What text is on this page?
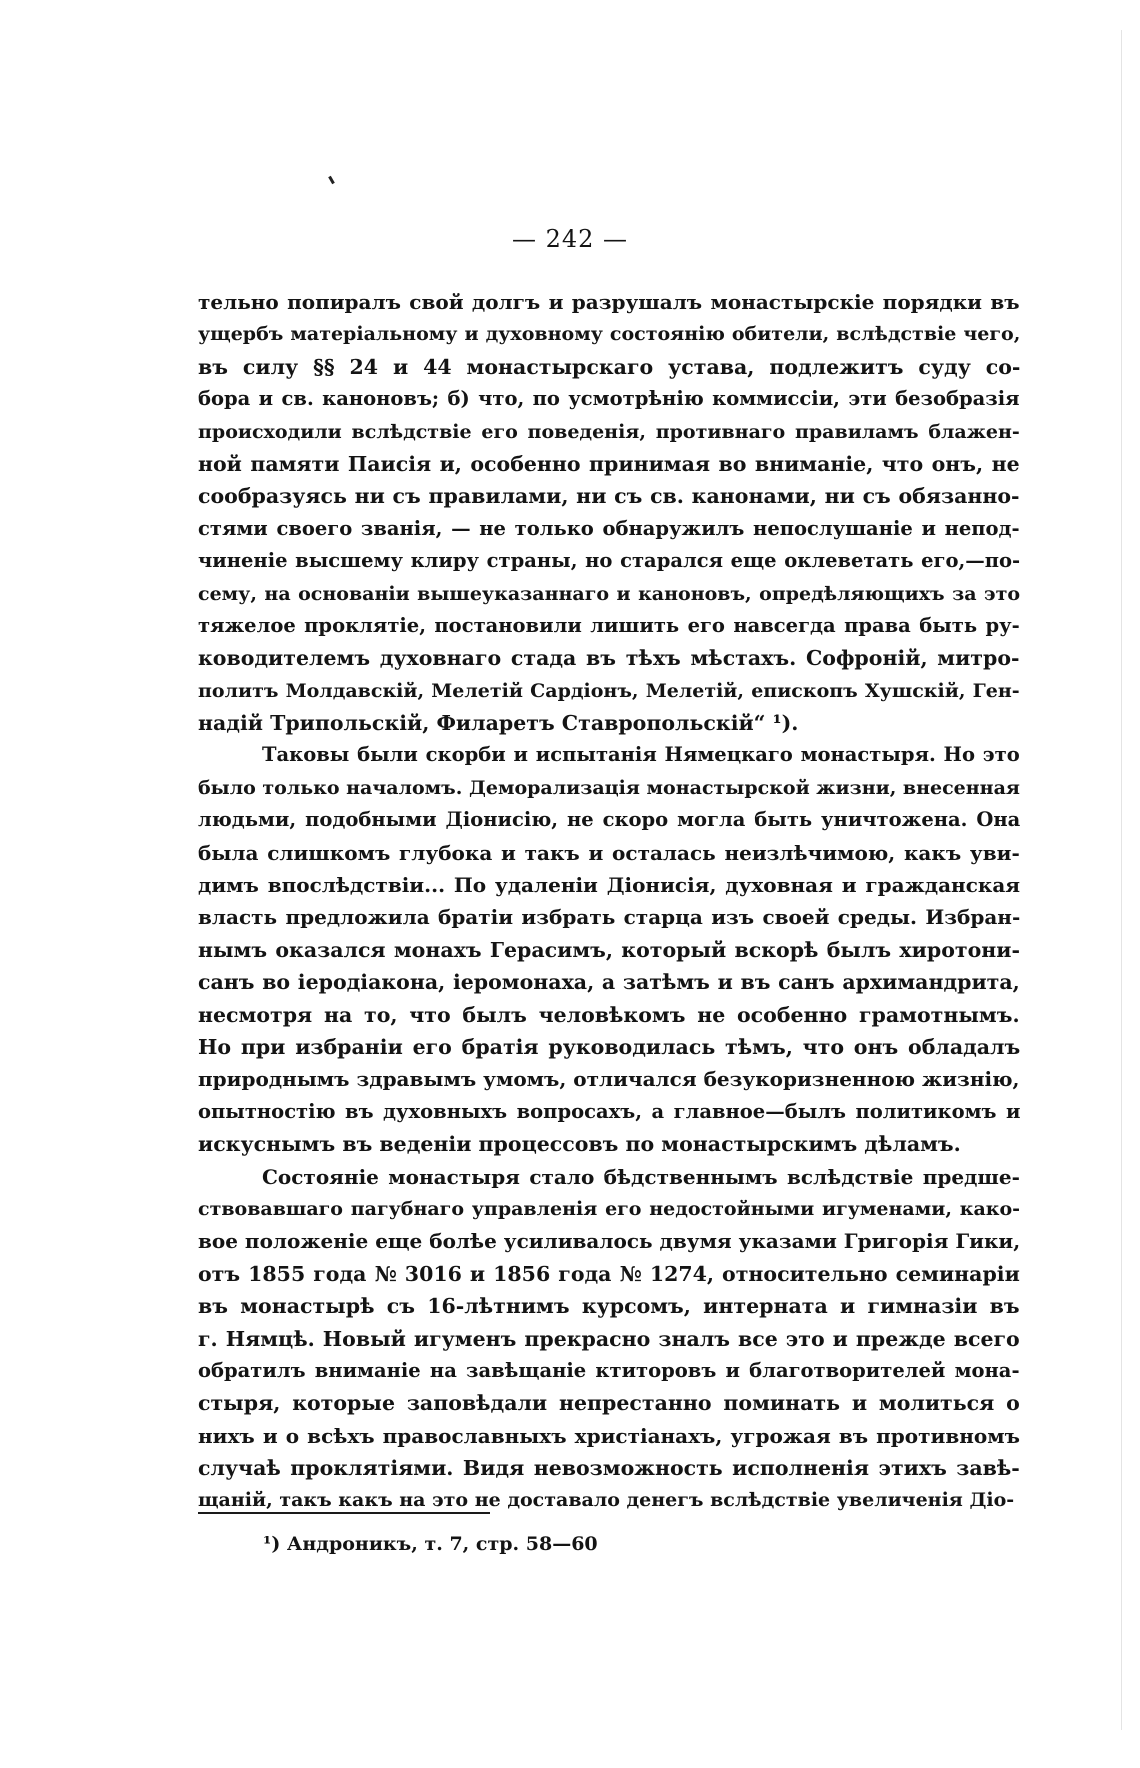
— 242 —
тельно попиралъ свой долгъ и разрушалъ монастырскіе порядки въ
ущербъ матеріальному и духовному состоянію обители, вслѣдствіе чего,
въ силу §§ 24 и 44 монастырскаго устава, подлежитъ суду со-
бора и св. каноновъ; б) что, по усмотрѣнію коммиссіи, эти безобразія
происходили вслѣдствіе его поведенія, противнаго правиламъ блажен-
ной памяти Паисія и, особенно принимая во вниманіе, что онъ, не
сообразуясь ни съ правилами, ни съ св. канонами, ни съ обязанно-
стями своего званія, — не только обнаружилъ непослушаніе и непод-
чиненіе высшему клиру страны, но старался еще оклеветать его,—по-
сему, на основаніи вышеуказаннаго и каноновъ, опредѣляющихъ за это
тяжелое проклятіе, постановили лишить его навсегда права быть ру-
ководителемъ духовнаго стада въ тѣхъ мѣстахъ. Софроній, митро-
политъ Молдавскій, Мелетій Сардіонъ, Мелетій, епископъ Хушскій, Ген-
надій Трипольскій, Филаретъ Ставропольскій“ ¹).
Таковы были скорби и испытанія Нямецкаго монастыря. Но это
было только началомъ. Деморализація монастырской жизни, внесенная
людьми, подобными Діонисію, не скоро могла быть уничтожена. Она
была слишкомъ глубока и такъ и осталась неизлѣчимою, какъ уви-
димъ впослѣдствіи... По удаленіи Діонисія, духовная и гражданская
власть предложила братіи избрать старца изъ своей среды. Избран-
нымъ оказался монахъ Герасимъ, который вскорѣ былъ хиротони-
санъ во іеродіакона, іеромонаха, а затѣмъ и въ санъ архимандрита,
несмотря на то, что былъ человѣкомъ не особенно грамотнымъ.
Но при избраніи его братія руководилась тѣмъ, что онъ обладалъ
природнымъ здравымъ умомъ, отличался безукоризненною жизнію,
опытностію въ духовныхъ вопросахъ, а главное—былъ политикомъ и
искуснымъ въ веденіи процессовъ по монастырскимъ дѣламъ.
Состояніе монастыря стало бѣдственнымъ вслѣдствіе предше-
ствовавшаго пагубнаго управленія его недостойными игуменами, како-
вое положеніе еще болѣе усиливалось двумя указами Григорія Гики,
отъ 1855 года № 3016 и 1856 года № 1274, относительно семинаріи
въ монастырѣ съ 16-лѣтнимъ курсомъ, интерната и гимназіи въ
г. Нямцѣ. Новый игуменъ прекрасно зналъ все это и прежде всего
обратилъ вниманіе на завѣщаніе ктиторовъ и благотворителей мона-
стыря, которые заповѣдали непрестанно поминать и молиться о
нихъ и о всѣхъ православныхъ христіанахъ, угрожая въ противномъ
случаѣ проклятіями. Видя невозможность исполненія этихъ завѣ-
щаній, такъ какъ на это не доставало денегъ вслѣдствіе увеличенія Діо-
¹) Андроникъ, т. 7, стр. 58—60
